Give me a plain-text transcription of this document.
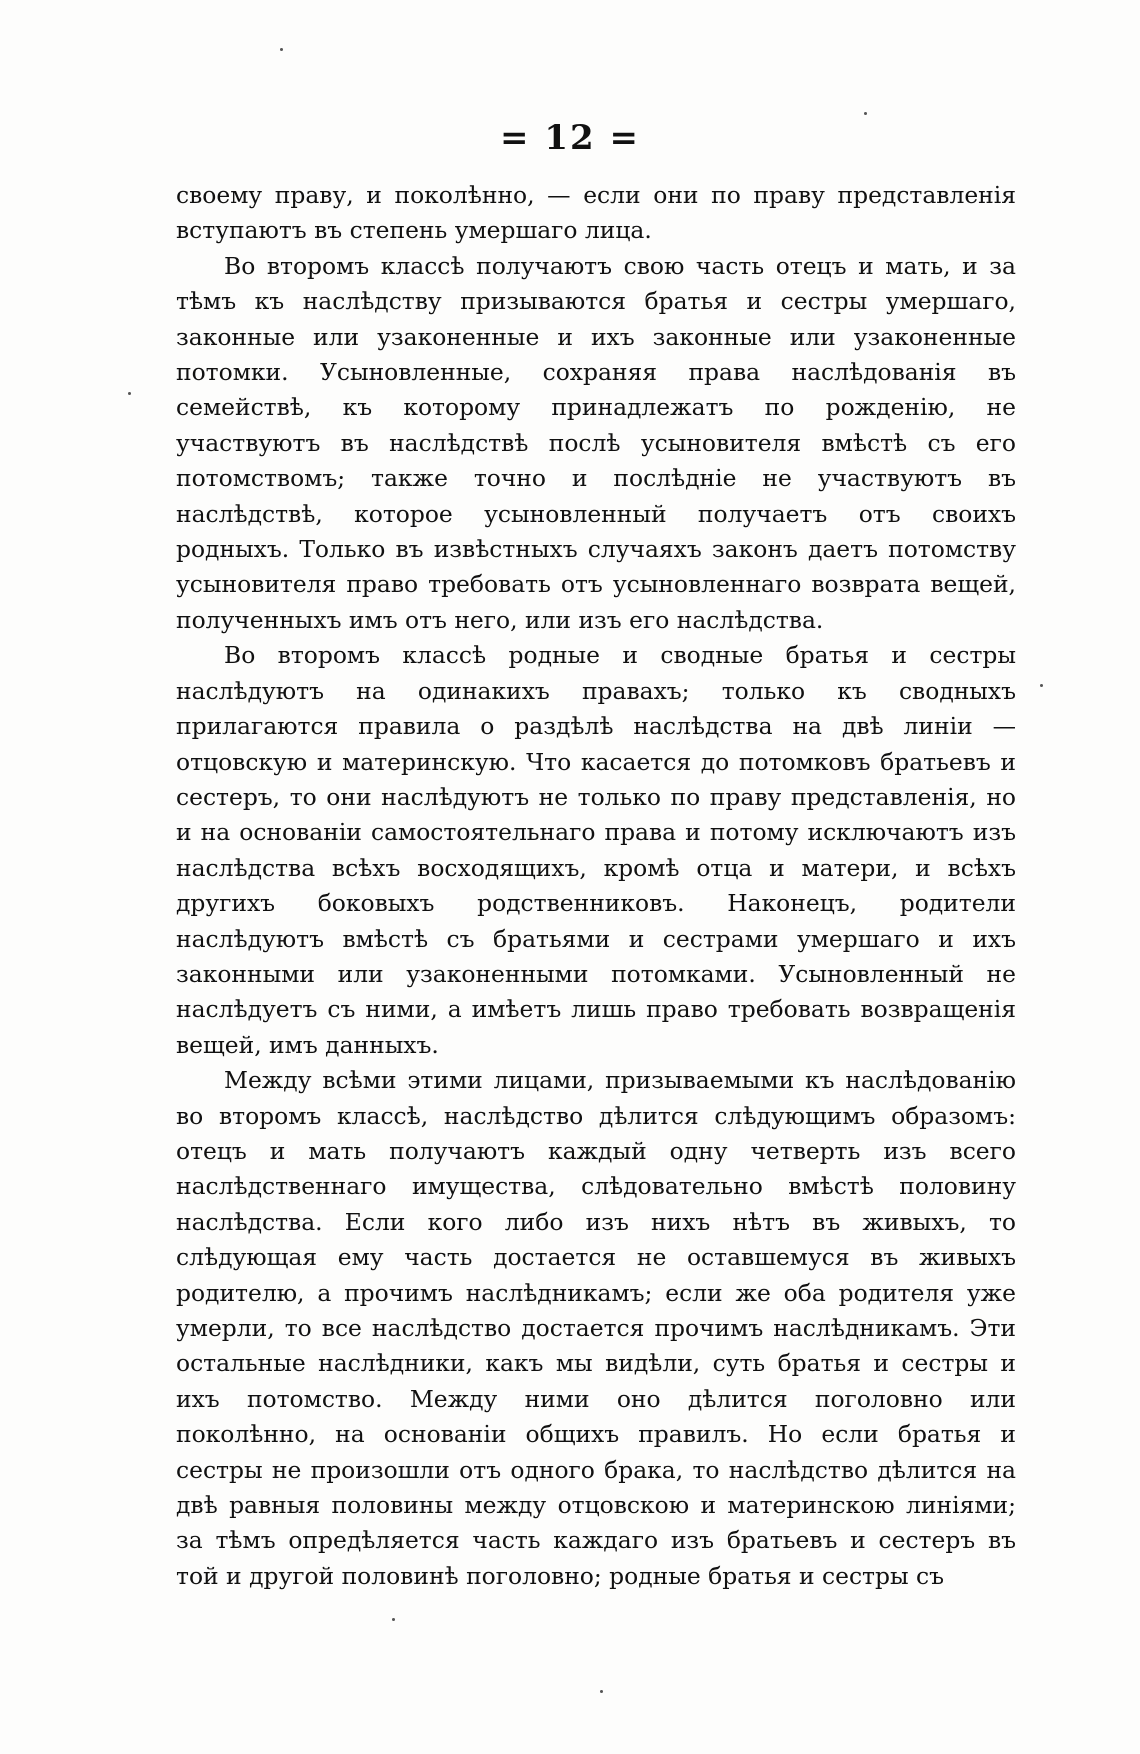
= 12 =

своему праву, и поколѣнно, — если они по праву представленія вступаютъ въ степень умершаго лица.

Во второмъ классѣ получаютъ свою часть отецъ и мать, и за тѣмъ къ наслѣдству призываются братья и сестры умершаго, законные или узаконенные и ихъ законные или узаконенные потомки. Усыновленные, сохраняя права наслѣдованія въ семействѣ, къ которому принадлежатъ по рожденію, не участвуютъ въ наслѣдствѣ послѣ усыновителя вмѣстѣ съ его потомствомъ; также точно и послѣдніе не участвуютъ въ наслѣдствѣ, которое усыновленный получаетъ отъ своихъ родныхъ. Только въ извѣстныхъ случаяхъ законъ даетъ потомству усыновителя право требовать отъ усыновленнаго возврата вещей, полученныхъ имъ отъ него, или изъ его наслѣдства.

Во второмъ классѣ родные и сводные братья и сестры наслѣдуютъ на одинакихъ правахъ; только къ сводныхъ прилагаются правила о раздѣлѣ наслѣдства на двѣ линіи — отцовскую и материнскую. Что касается до потомковъ братьевъ и сестеръ, то они наслѣдуютъ не только по праву представленія, но и на основаніи самостоятельнаго права и потому исключаютъ изъ наслѣдства всѣхъ восходящихъ, кромѣ отца и матери, и всѣхъ другихъ боковыхъ родственниковъ. Наконецъ, родители наслѣдуютъ вмѣстѣ съ братьями и сестрами умершаго и ихъ законными или узаконенными потомками. Усыновленный не наслѣдуетъ съ ними, а имѣетъ лишь право требовать возвращенія вещей, имъ данныхъ.

Между всѣми этими лицами, призываемыми къ наслѣдованію во второмъ классѣ, наслѣдство дѣлится слѣдующимъ образомъ: отецъ и мать получаютъ каждый одну четверть изъ всего наслѣдственнаго имущества, слѣдовательно вмѣстѣ половину наслѣдства. Если кого либо изъ нихъ нѣтъ въ живыхъ, то слѣдующая ему часть достается не оставшемуся въ живыхъ родителю, а прочимъ наслѣдникамъ; если же оба родителя уже умерли, то все наслѣдство достается прочимъ наслѣдникамъ. Эти остальные наслѣдники, какъ мы видѣли, суть братья и сестры и ихъ потомство. Между ними оно дѣлится поголовно или поколѣнно, на основаніи общихъ правилъ. Но если братья и сестры не произошли отъ одного брака, то наслѣдство дѣлится на двѣ равныя половины между отцовскою и материнскою линіями; за тѣмъ опредѣляется часть каждаго изъ братьевъ и сестеръ въ той и другой половинѣ поголовно; родные братья и сестры съ
